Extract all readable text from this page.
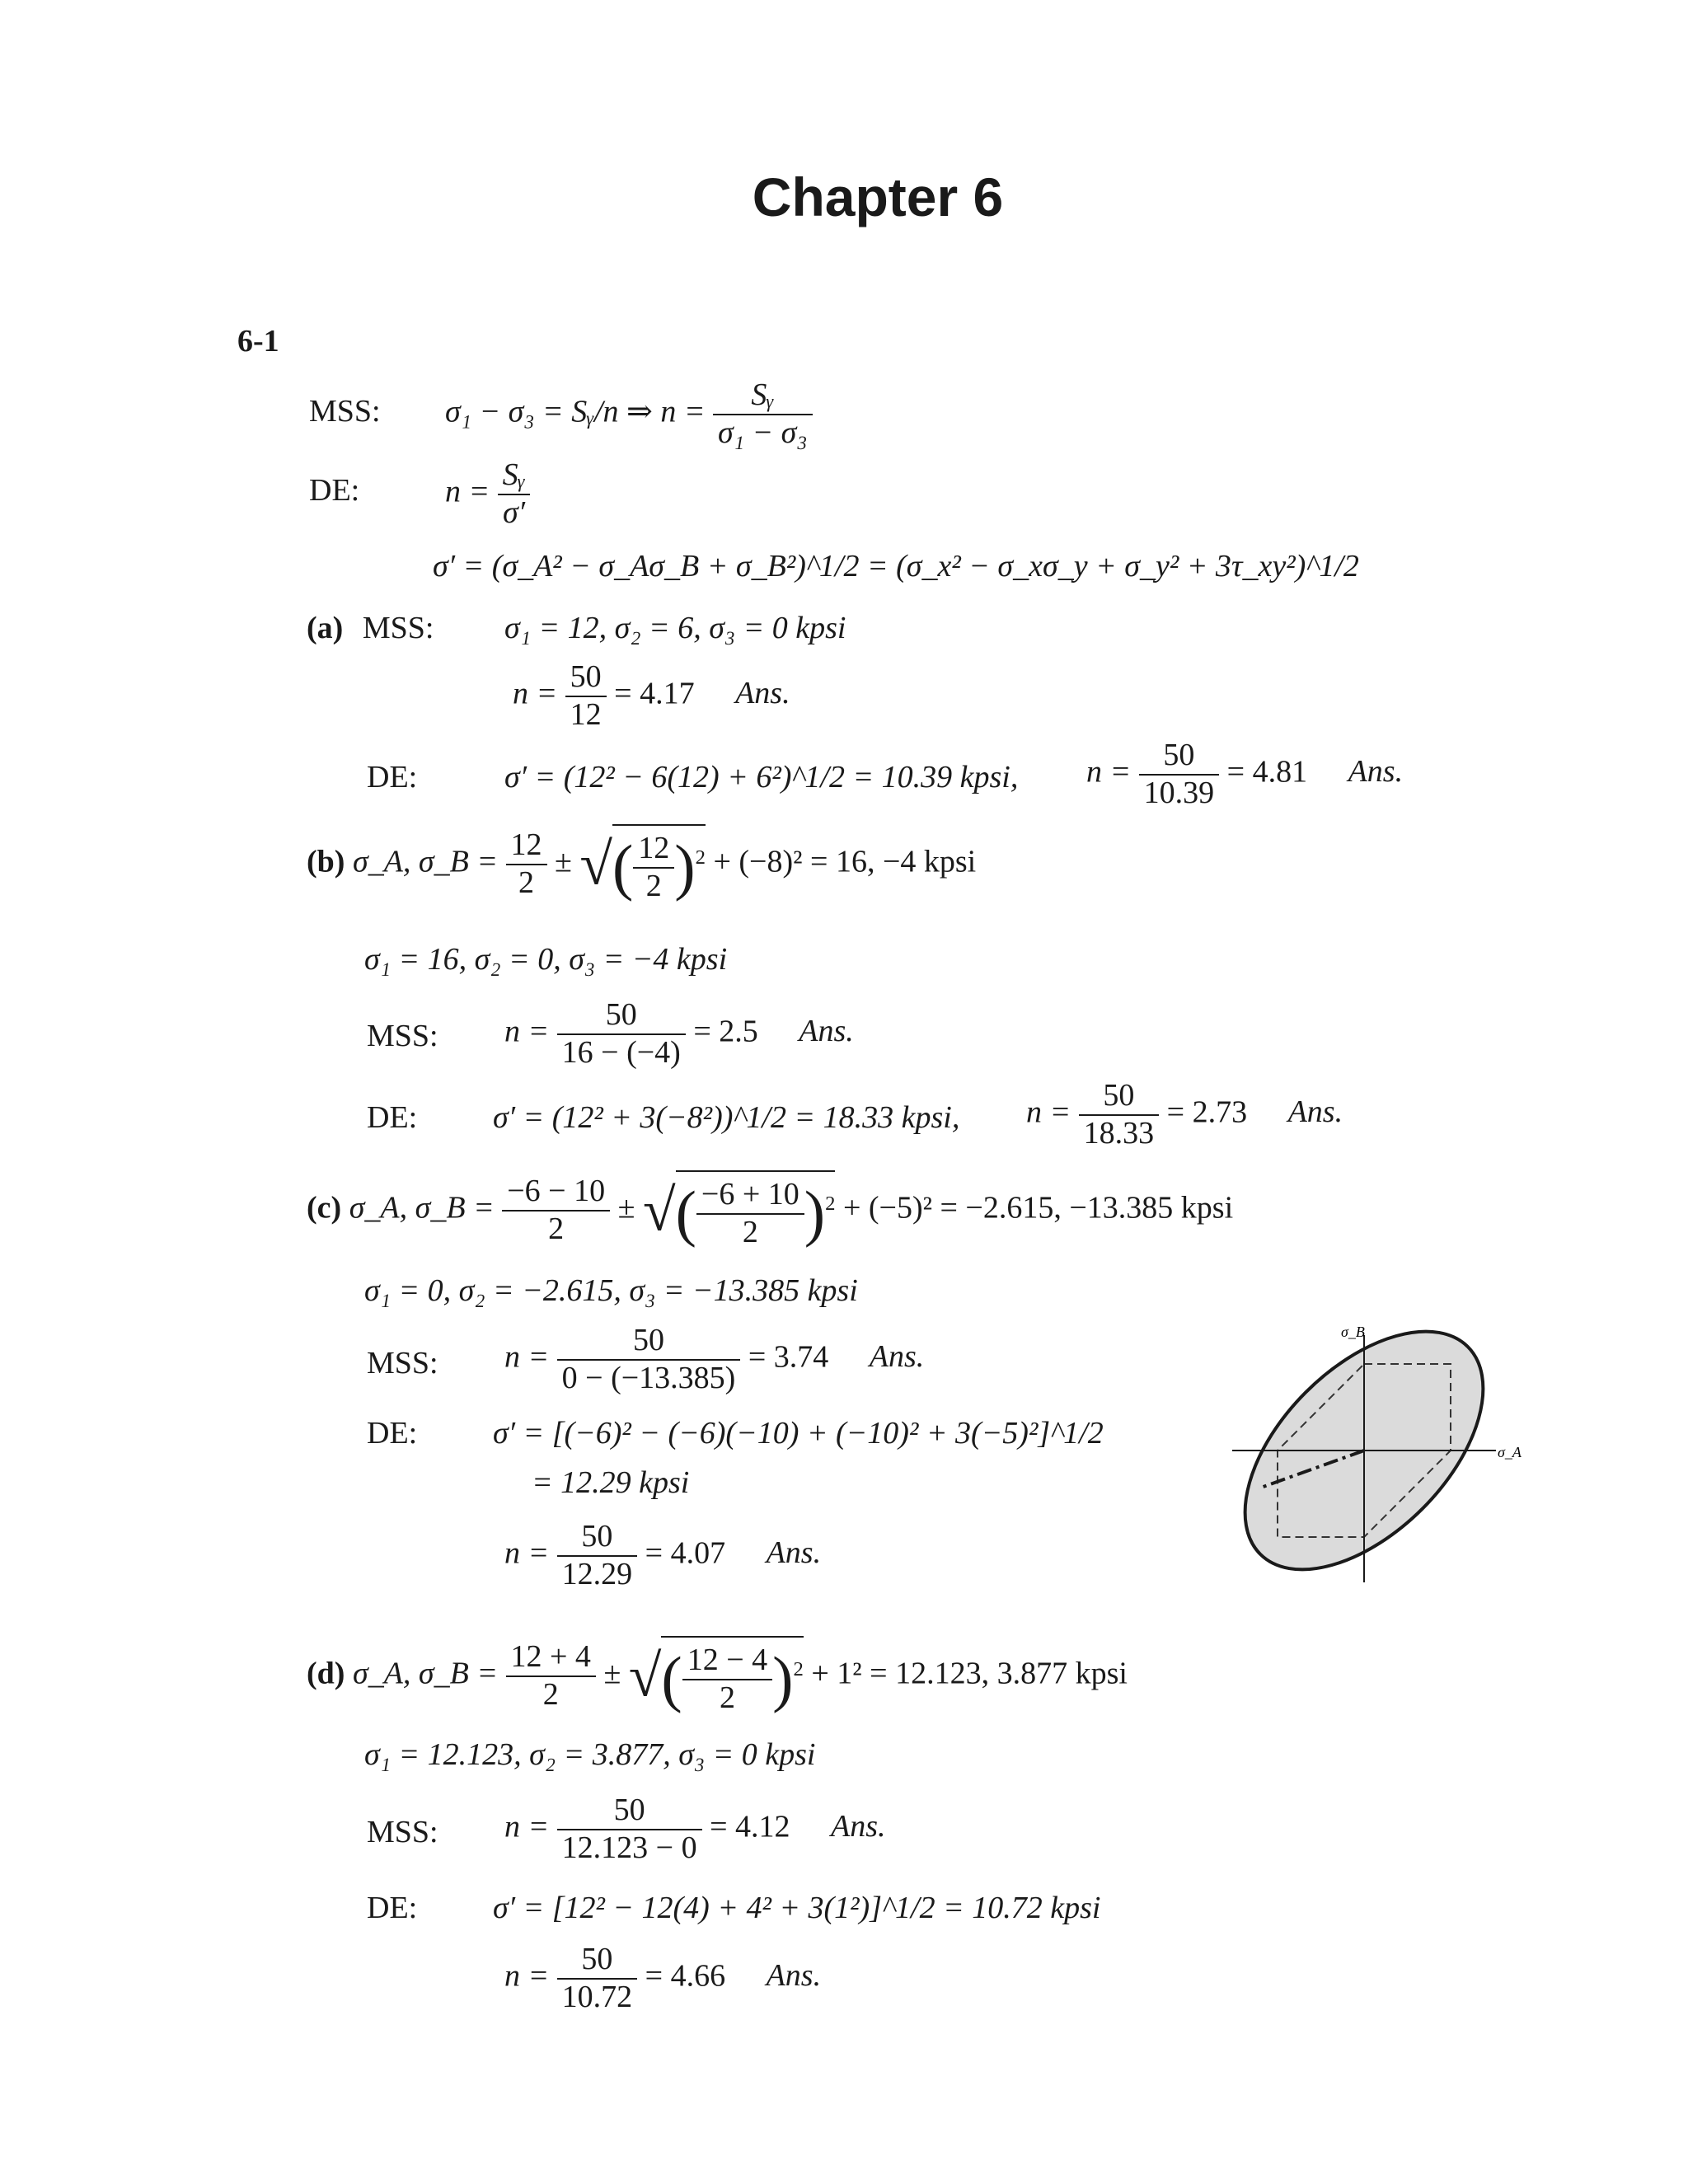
Chapter 6
6-1
MSS: σ₁ − σ₃ = Sᵧ/n ⇒ $n = \frac{\text{Sᵧ}}{\text{σ₁ − σ₃}}$
DE:	$n = \frac{\text{Sᵧ}}{\sigma'}$
σ′ = (σ_A² − σ_Aσ_B + σ_B²)^1/2 = (σ_x² − σ_xσ_y + σ_y² + 3τ_xy²)^1/2
(a) MSS: σ₁ = 12, σ₂ = 6, σ₃ = 0 kpsi
$n = \frac{50}{12} = 4.17$ Ans.
DE:	σ′ = (12² − 6(12) + 6²)^1/2 = 10.39 kpsi, $n = \frac{50}{10.39} = 4.81$ Ans.
(b) σ_A, σ_B = $\frac{12}{2}$ ± √( $\frac{12}{2} )^2 + (-8)^2 = 16$, −4 kpsi
σ₁ = 16, σ₂ = 0, σ₃ = −4 kpsi
MSS: $n = \frac{50}{16 - (-4)} = 2.5$ Ans.
DE: σ′ = (12² + 3(−8²))^1/2 = 18.33 kpsi, $n = \frac{50}{18.33} = 2.73$ Ans.
(c) σ_A, σ_B = $\frac{-6 - 10}{2}$ ± √( $\frac{-6 + 10}{2} )^2 + (-5)^2 = -2.615$, −13.385 kpsi
σ₁ = 0, σ₂ = −2.615, σ₃ = −13.385 kpsi
MSS: $n = \frac{50}{0 - (-13.385)} = 3.74$ Ans.
DE: σ′ = [(−6)² − (−6)(−10) + (−10)² + 3(−5)²]^1/2
= 12.29 kpsi
$n = \frac{50}{12.29} = 4.07$ Ans.
σ_B
σ_A
(d) σ_A, σ_B = $\frac{12 + 4}{2}$ ± √( $\frac{12 - 4}{2} )^2 + 1^2 = 12.123$, 3.877 kpsi
σ₁ = 12.123, σ₂ = 3.877, σ₃ = 0 kpsi
MSS: $n = \frac{50}{12.123 - 0} = 4.12$ Ans.
DE: σ′ = [12² − 12(4) + 4² + 3(1²)]^1/2 = 10.72 kpsi
$n = \frac{50}{10.72} = 4.66$ Ans.
